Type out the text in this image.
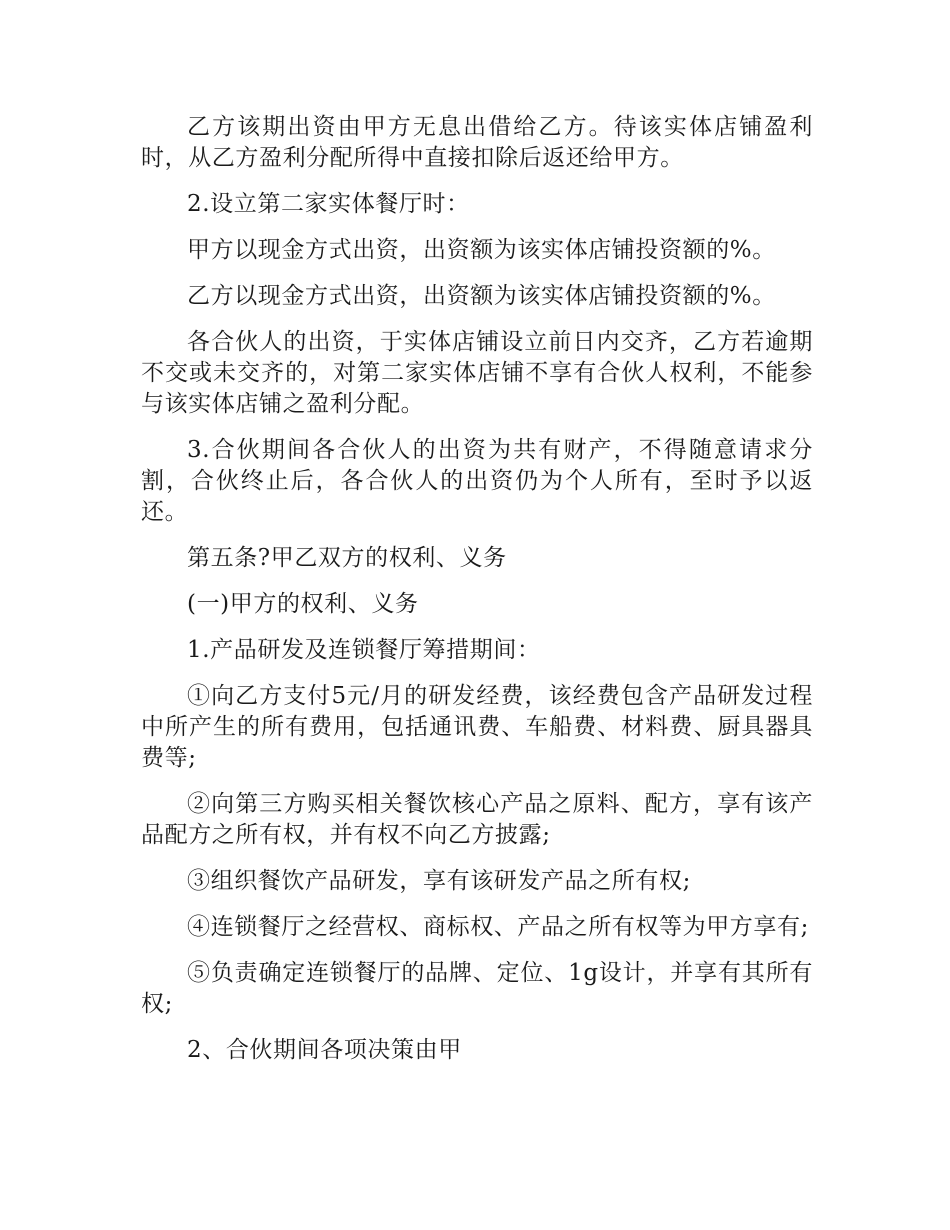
乙方该期出资由甲方无息出借给乙方。待该实体店铺盈利时，从乙方盈利分配所得中直接扣除后返还给甲方。

2.设立第二家实体餐厅时：

甲方以现金方式出资，出资额为该实体店铺投资额的%。

乙方以现金方式出资，出资额为该实体店铺投资额的%。

各合伙人的出资，于实体店铺设立前日内交齐，乙方若逾期不交或未交齐的，对第二家实体店铺不享有合伙人权利，不能参与该实体店铺之盈利分配。

3.合伙期间各合伙人的出资为共有财产，不得随意请求分割，合伙终止后，各合伙人的出资仍为个人所有，至时予以返还。

第五条?甲乙双方的权利、义务

(一)甲方的权利、义务

1.产品研发及连锁餐厅筹措期间：

①向乙方支付5元/月的研发经费，该经费包含产品研发过程中所产生的所有费用，包括通讯费、车船费、材料费、厨具器具费等;

②向第三方购买相关餐饮核心产品之原料、配方，享有该产品配方之所有权，并有权不向乙方披露;

③组织餐饮产品研发，享有该研发产品之所有权;

④连锁餐厅之经营权、商标权、产品之所有权等为甲方享有;

⑤负责确定连锁餐厅的品牌、定位、1g设计，并享有其所有权;

2、合伙期间各项决策由甲
